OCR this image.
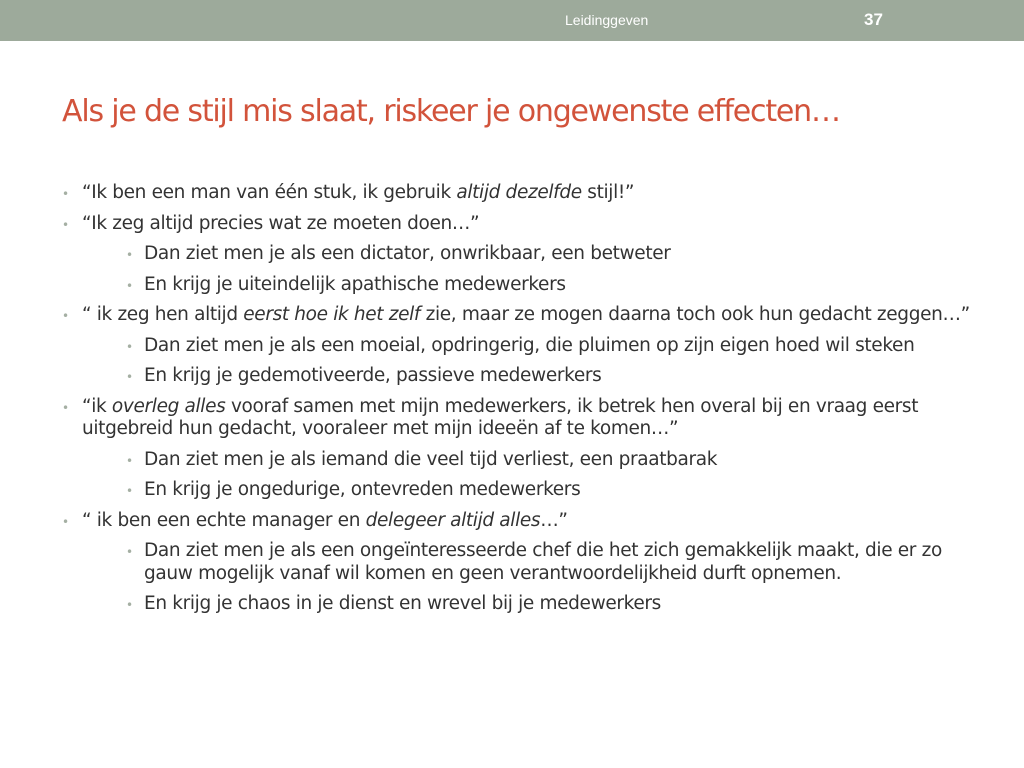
Leidinggeven	37
Als je de stijl mis slaat, riskeer je ongewenste effecten…
• “Ik ben een man van één stuk, ik gebruik altijd dezelfde stijl!”
• “Ik zeg altijd precies wat ze moeten doen…”
• Dan ziet men je als een dictator, onwrikbaar, een betweter
• En krijg je uiteindelijk apathische medewerkers
• “ ik zeg hen altijd eerst hoe ik het zelf zie, maar ze mogen daarna toch ook hun gedacht zeggen…”
• Dan ziet men je als een moeial, opdringerig, die pluimen op zijn eigen hoed wil steken
• En krijg je gedemotiveerde, passieve medewerkers
• “ik overleg alles vooraf samen met mijn medewerkers, ik betrek hen overal bij en vraag eerst uitgebreid hun gedacht, vooraleer met mijn ideeën af te komen…”
• Dan ziet men je als iemand die veel tijd verliest, een praatbarak
• En krijg je ongedurige, ontevreden medewerkers
• “ ik ben een echte manager en delegeer altijd alles…”
• Dan ziet men je als een ongeïnteresseerde chef die het zich gemakkelijk maakt, die er zo gauw mogelijk vanaf wil komen en geen verantwoordelijkheid durft opnemen.
• En krijg je chaos in je dienst en wrevel bij je medewerkers
